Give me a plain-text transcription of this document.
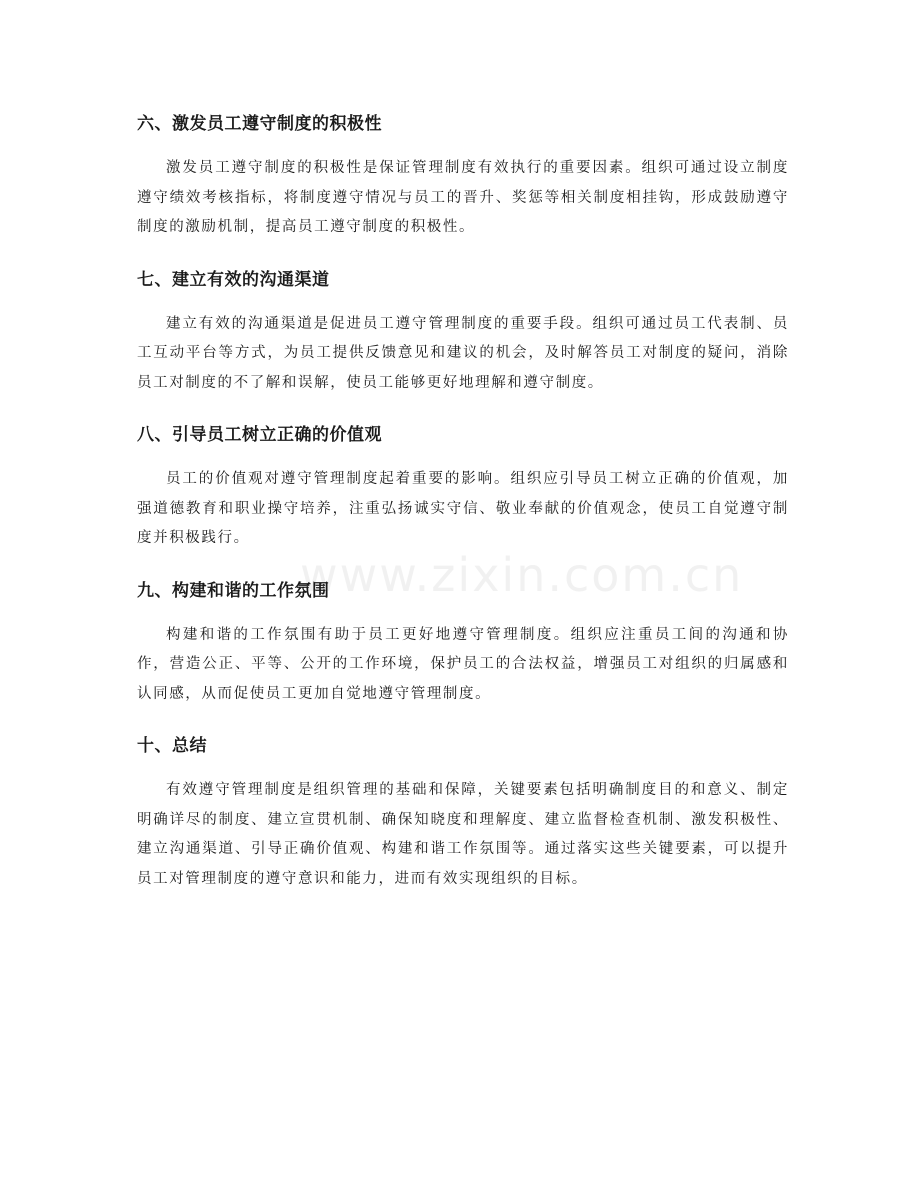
www.zixin.com.cn
六、激发员工遵守制度的积极性

激发员工遵守制度的积极性是保证管理制度有效执行的重要因素。组织可通过设立制度遵守绩效考核指标，将制度遵守情况与员工的晋升、奖惩等相关制度相挂钩，形成鼓励遵守制度的激励机制，提高员工遵守制度的积极性。

七、建立有效的沟通渠道

建立有效的沟通渠道是促进员工遵守管理制度的重要手段。组织可通过员工代表制、员工互动平台等方式，为员工提供反馈意见和建议的机会，及时解答员工对制度的疑问，消除员工对制度的不了解和误解，使员工能够更好地理解和遵守制度。

八、引导员工树立正确的价值观

员工的价值观对遵守管理制度起着重要的影响。组织应引导员工树立正确的价值观，加强道德教育和职业操守培养，注重弘扬诚实守信、敬业奉献的价值观念，使员工自觉遵守制度并积极践行。

九、构建和谐的工作氛围

构建和谐的工作氛围有助于员工更好地遵守管理制度。组织应注重员工间的沟通和协作，营造公正、平等、公开的工作环境，保护员工的合法权益，增强员工对组织的归属感和认同感，从而促使员工更加自觉地遵守管理制度。

十、总结

有效遵守管理制度是组织管理的基础和保障，关键要素包括明确制度目的和意义、制定明确详尽的制度、建立宣贯机制、确保知晓度和理解度、建立监督检查机制、激发积极性、建立沟通渠道、引导正确价值观、构建和谐工作氛围等。通过落实这些关键要素，可以提升员工对管理制度的遵守意识和能力，进而有效实现组织的目标。
